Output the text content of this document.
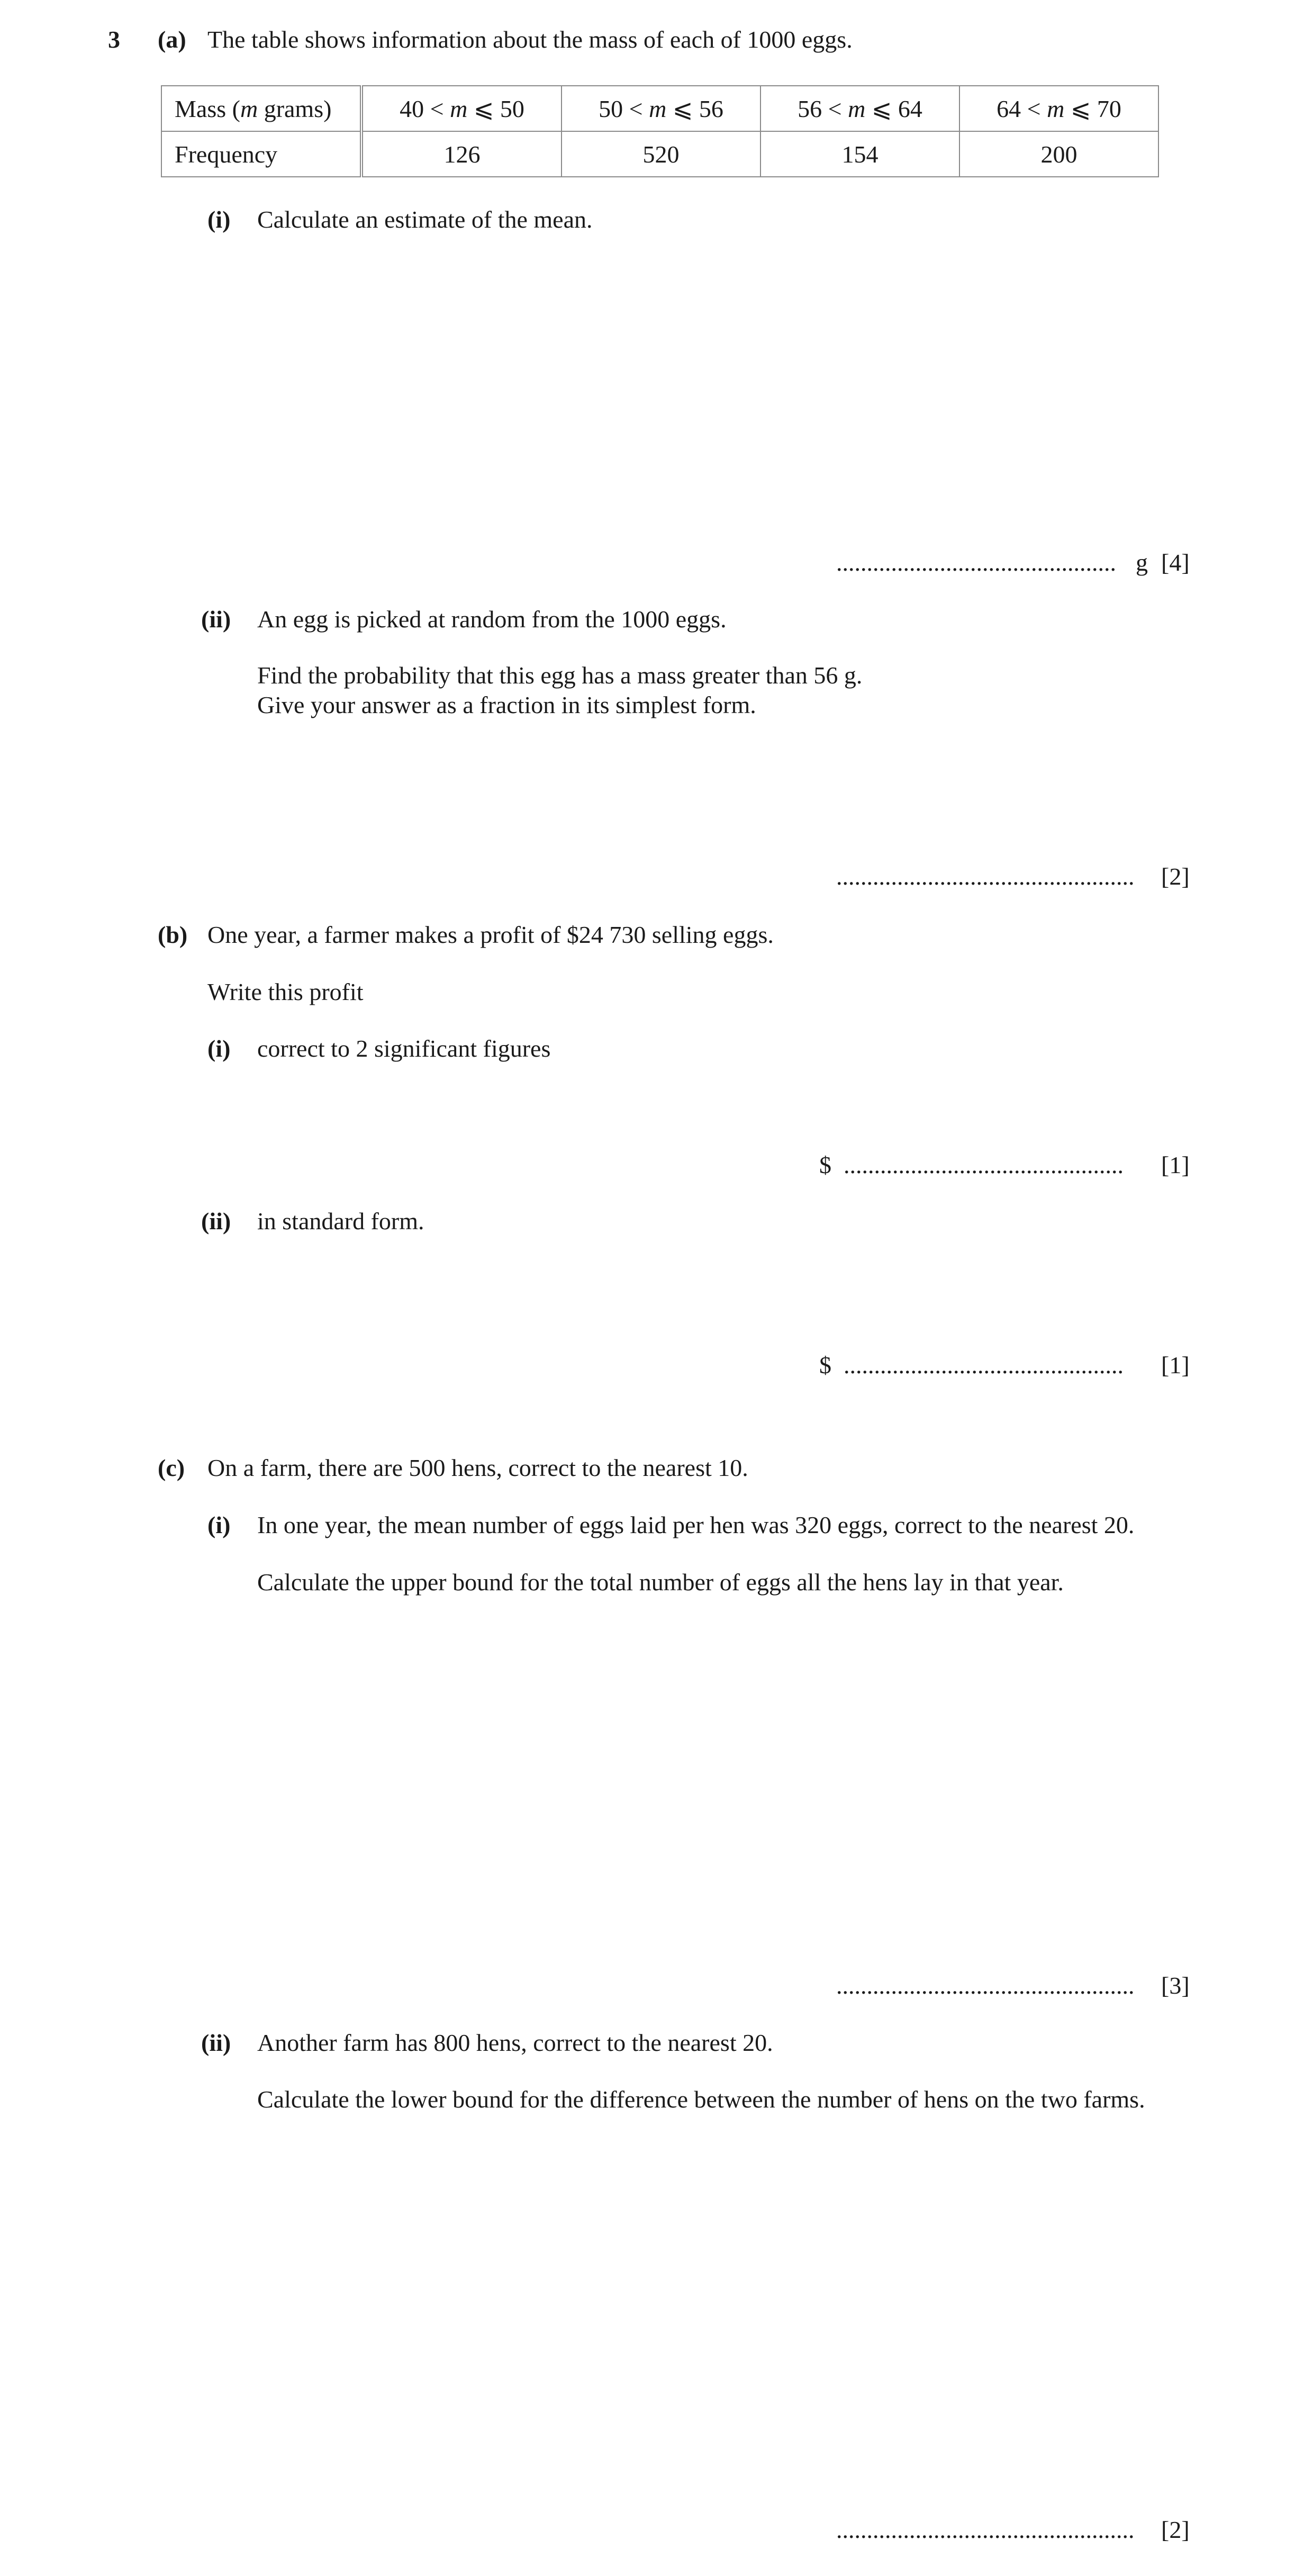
3 (a) The table shows information about the mass of each of 1000 eggs.
Mass (m grams)	40 < m ⩽ 50	50 < m ⩽ 56	56 < m ⩽ 64	64 < m ⩽ 70
Frequency	126	520	154	200
(i) Calculate an estimate of the mean.
.............................................. g [4]
(ii) An egg is picked at random from the 1000 eggs.
Find the probability that this egg has a mass greater than 56 g.
Give your answer as a fraction in its simplest form.
................................................. [2]
(b) One year, a farmer makes a profit of $24 730 selling eggs.
Write this profit
(i) correct to 2 significant figures
$ .............................................. [1]
(ii) in standard form.
$ .............................................. [1]
(c) On a farm, there are 500 hens, correct to the nearest 10.
(i) In one year, the mean number of eggs laid per hen was 320 eggs, correct to the nearest 20.
Calculate the upper bound for the total number of eggs all the hens lay in that year.
................................................. [3]
(ii) Another farm has 800 hens, correct to the nearest 20.
Calculate the lower bound for the difference between the number of hens on the two farms.
................................................. [2]
